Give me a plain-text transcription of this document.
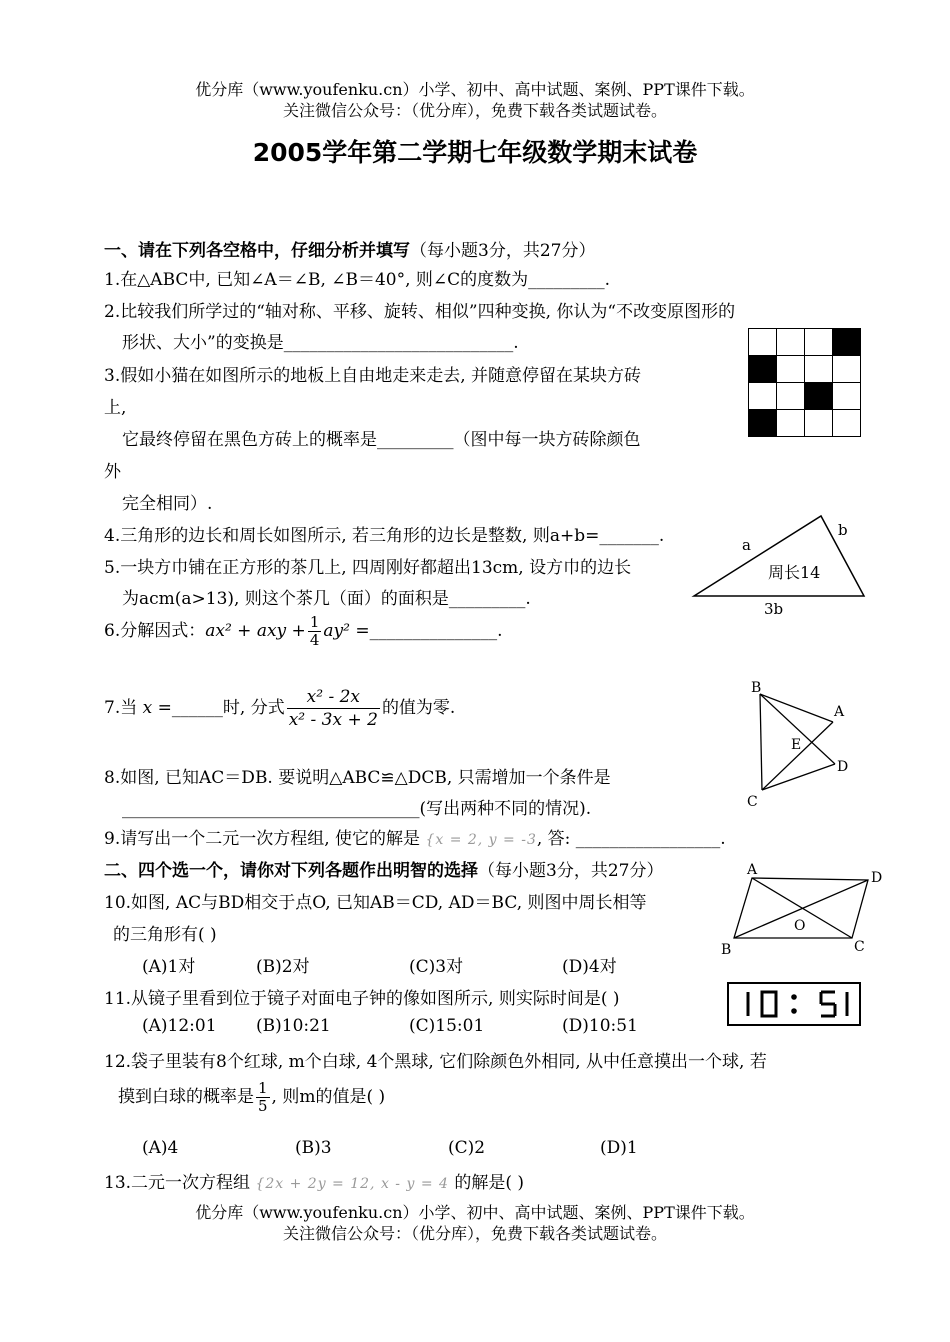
优分库（www.youfenku.cn）小学、初中、高中试题、案例、PPT课件下载。
关注微信公众号：（优分库），免费下载各类试题试卷。
2005学年第二学期七年级数学期末试卷
一、请在下列各空格中，仔细分析并填写（每小题3分，共27分）
1.在△ABC中, 已知∠A＝∠B, ∠B＝40°, 则∠C的度数为_________.
2.比较我们所学过的“轴对称、平移、旋转、相似”四种变换, 你认为“不改变原图形的
形状、大小”的变换是___________________________.
3.假如小猫在如图所示的地板上自由地走来走去, 并随意停留在某块方砖
上,
它最终停留在黑色方砖上的概率是_________（图中每一块方砖除颜色
外
完全相同）.

4.三角形的边长和周长如图所示, 若三角形的边长是整数, 则a+b=_______.
5.一块方巾铺在正方形的茶几上, 四周刚好都超出13cm, 设方巾的边长
为acm(a>13), 则这个茶几（面）的面积是_________.
a
b
周长14
3b
6.分解因式：ax² + axy + $\frac{1}{4} ay^2$ =_______________.
7.当 x =______时, 分式 $\frac{\text{x² - 2x}}{\text{x² - 3x + 2}}$ 的值为零.
B
A
E
D
C
8.如图, 已知AC＝DB. 要说明△ABC≌△DCB, 只需增加一个条件是
___________________________________(写出两种不同的情况).
9.请写出一个二元一次方程组, 使它的解是 {x = 2, y = -3, 答: _________________.
二、四个选一个，请你对下列各题作出明智的选择（每小题3分，共27分）
10.如图, AC与BD相交于点O, 已知AB＝CD, AD＝BC, 则图中周长相等
的三角形有( )
(A)1对	(B)2对	(C)3对	(D)4对
A	D
O
B	C
11.从镜子里看到位于镜子对面电子钟的像如图所示, 则实际时间是( )
(A)12:01 (B)10:21	(C)15:01	(D)10:51
12.袋子里装有8个红球, m个白球, 4个黑球, 它们除颜色外相同, 从中任意摸出一个球, 若
摸到白球的概率是 $\frac{1}{5}$ , 则m的值是( )
(A)4	(B)3	(C)2	(D)1
13.二元一次方程组 {2x + 2y = 12, x - y = 4 的解是( )
优分库（www.youfenku.cn）小学、初中、高中试题、案例、PPT课件下载。
关注微信公众号：（优分库），免费下载各类试题试卷。
